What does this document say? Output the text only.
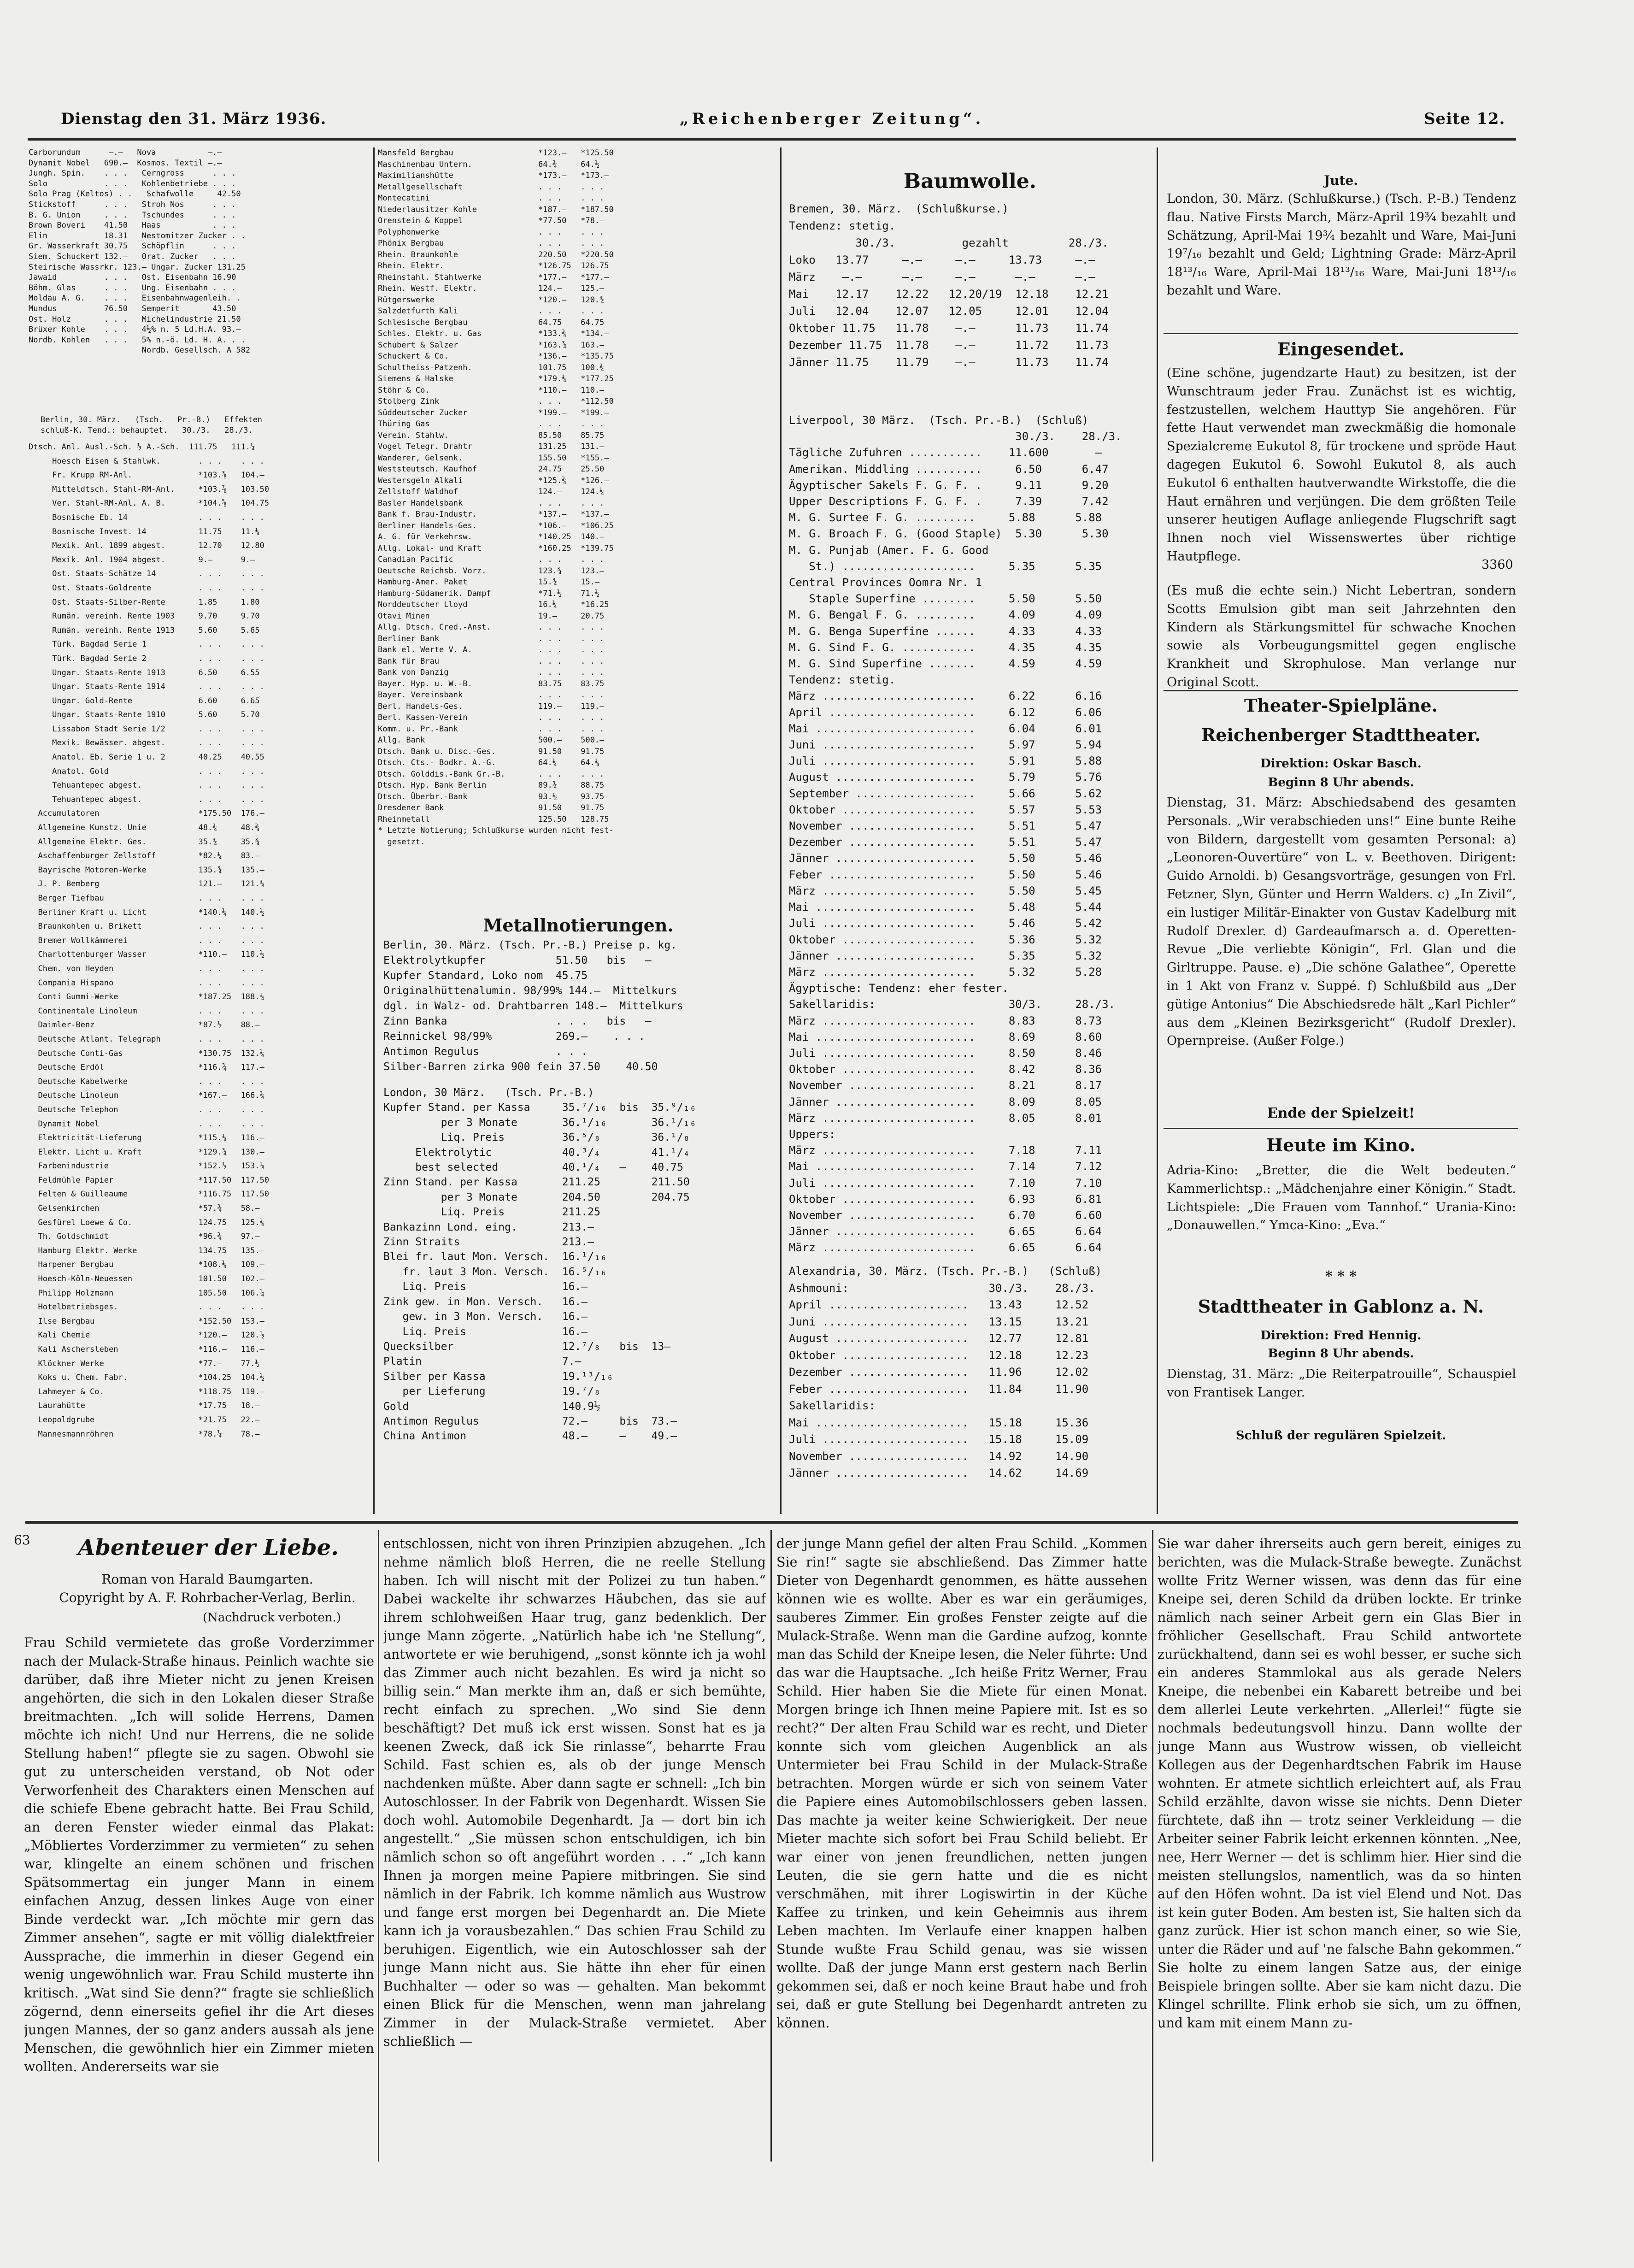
Dienstag den 31. März 1936.	„Reichenberger Zeitung“.	Seite 12.
Carborundum      —.—   Nova           —.—
Dynamit Nobel   690.—  Kosmos. Textil —.—
Jungh. Spin.    . . .   Cerngross      . . .
Solo            . . .   Kohlenbetriebe . . .
Solo Prag (Keltos) . .   Schafwolle     42.50
Stickstoff      . . .   Stroh Nos      . . .
B. G. Union     . . .   Tschundes      . . .
Brown Boveri    41.50   Haas           . . .
Elin            18.31   Nestomitzer Zucker . .
Gr. Wasserkraft 30.75   Schöpflin      . . .
Siem. Schuckert 132.—   Orat. Zucker   . . .
Steirische Wassrkr. 123.— Ungar. Zucker 131.25
Jawaid          . . .   Ost. Eisenbahn 16.90
Böhm. Glas      . . .   Ung. Eisenbahn . . .
Moldau A. G.    . . .   Eisenbahnwagenleih. .
Mundus          76.50   Semperit       43.50
Ost. Holz       . . .   Michelindustrie 21.50
Brüxer Kohle    . . .   4½% n. 5 Ld.H.A. 93.—
Nordb. Kohlen   . . .   5% n.-ö. Ld. H. A. . .
Nordb. Gesellsch. A 582
Berlin, 30. März.   (Tsch.   Pr.-B.)   Effekten
schluß-K. Tend.: behauptet.   30./3.   28./3.
Dtsch. Anl. Ausl.-Sch. ½ A.-Sch.  111.75   111.¼
Hoesch Eisen & Stahlwk.        . . .    . . .
Fr. Krupp RM-Anl.              *103.⅜   104.—
Mitteldtsch. Stahl-RM-Anl.     *103.⅞   103.50
Ver. Stahl-RM-Anl. A. B.       *104.⅝   104.75
Bosnische Eb. 14               . . .    . . .
Bosnische Invest. 14           11.75    11.¼
Mexik. Anl. 1899 abgest.       12.70    12.80
Mexik. Anl. 1904 abgest.       9.—      9.—
Ost. Staats-Schätze 14         . . .    . . .
Ost. Staats-Goldrente          . . .    . . .
Ost. Staats-Silber-Rente       1.85     1.80
Rumän. vereinh. Rente 1903     9.70     9.70
Rumän. vereinh. Rente 1913     5.60     5.65
Türk. Bagdad Serie 1           . . .    . . .
Türk. Bagdad Serie 2           . . .    . . .
Ungar. Staats-Rente 1913       6.50     6.55
Ungar. Staats-Rente 1914       . . .    . . .
Ungar. Gold-Rente              6.60     6.65
Ungar. Staats-Rente 1910       5.60     5.70
Lissabon Stadt Serie 1/2       . . .    . . .
Mexik. Bewässer. abgest.       . . .    . . .
Anatol. Eb. Serie 1 u. 2       40.25    40.55
Anatol. Gold                   . . .    . . .
Tehuantepec abgest.            . . .    . . .
Tehuantepec abgest.            . . .    . . .
Accumulatoren                     *175.50  176.—
Allgemeine Kunstz. Unie           48.¾     48.¾
Allgemeine Elektr. Ges.           35.¾     35.¾
Aschaffenburger Zellstoff         *82.¼    83.—
Bayrische Motoren-Werke           135.¾    135.—
J. P. Bemberg                     121.—    121.⅜
Berger Tiefbau                    . . .    . . .
Berliner Kraft u. Licht           *140.¼   140.½
Braunkohlen u. Brikett            . . .    . . .
Bremer Wollkämmerei               . . .    . . .
Charlottenburger Wasser           *110.—   110.½
Chem. von Heyden                  . . .    . . .
Compania Hispano                  . . .    . . .
Conti Gummi-Werke                 *187.25  188.¼
Continentale Linoleum             . . .    . . .
Daimler-Benz                      *87.½    88.—
Deutsche Atlant. Telegraph        . . .    . . .
Deutsche Conti-Gas                *130.75  132.¼
Deutsche Erdöl                    *116.¾   117.—
Deutsche Kabelwerke               . . .    . . .
Deutsche Linoleum                 *167.—   166.¾
Deutsche Telephon                 . . .    . . .
Dynamit Nobel                     . . .    . . .
Elektricität-Lieferung            *115.¼   116.—
Elektr. Licht u. Kraft            *129.¾   130.—
Farbenindustrie                   *152.½   153.⅛
Feldmühle Papier                  *117.50  117.50
Felten & Guilleaume               *116.75  117.50
Gelsenkirchen                     *57.¾    58.—
Gesfürel Loewe & Co.              124.75   125.¼
Th. Goldschmidt                   *96.¾    97.—
Hamburg Elektr. Werke             134.75   135.—
Harpener Bergbau                  *108.¼   109.—
Hoesch-Köln-Neuessen              101.50   102.—
Philipp Holzmann                  105.50   106.¼
Hotelbetriebsges.                 . . .    . . .
Ilse Bergbau                      *152.50  153.—
Kali Chemie                       *120.—   120.½
Kali Aschersleben                 *116.—   116.—
Klöckner Werke                    *77.—    77.½
Koks u. Chem. Fabr.               *104.25  104.½
Lahmeyer & Co.                    *118.75  119.—
Laurahütte                        *17.75   18.—
Leopoldgrube                      *21.75   22.—
Mannesmannröhren                  *78.¼    78.—
Mansfeld Bergbau                  *123.—   *125.50
Maschinenbau Untern.              64.¾     64.½
Maximilianshütte                  *173.—   *173.—
Metallgesellschaft                . . .    . . .
Montecatini                       . . .    . . .
Niederlausitzer Kohle             *187.—   *187.50
Orenstein & Koppel                *77.50   *78.—
Polyphonwerke                     . . .    . . .
Phönix Bergbau                    . . .    . . .
Rhein. Braunkohle                 220.50   *220.50
Rhein. Elektr.                    *126.75  126.75
Rheinstahl. Stahlwerke            *177.—   *177.—
Rhein. Westf. Elektr.             124.—    125.—
Rütgerswerke                      *120.—   120.¾
Salzdetfurth Kali                 . . .    . . .
Schlesische Bergbau               64.75    64.75
Schles. Elektr. u. Gas            *133.¾   *134.—
Schubert & Salzer                 *163.¾   163.—
Schuckert & Co.                   *136.—   *135.75
Schultheiss-Patzenh.              101.75   100.¾
Siemens & Halske                  *179.¼   *177.25
Stöhr & Co.                       *110.—   110.—
Stolberg Zink                     . . .    *112.50
Süddeutscher Zucker               *199.—   *199.—
Thüring Gas                       . . .    . . .
Verein. Stahlw.                   85.50    85.75
Vogel Telegr. Drahtr              131.25   131.—
Wanderer, Gelsenk.                155.50   *155.—
Weststeutsch. Kaufhof             24.75    25.50
Westersgeln Alkali                *125.¾   *126.—
Zellstoff Waldhof                 124.—    124.¼
Basler Handelsbank                . . .    . . .
Bank f. Brau-Industr.             *137.—   *137.—
Berliner Handels-Ges.             *106.—   *106.25
A. G. für Verkehrsw.              *140.25  140.—
Allg. Lokal- und Kraft            *160.25  *139.75
Canadian Pacific                  . . .    . . .
Deutsche Reichsb. Vorz.           123.¾    123.—
Hamburg-Amer. Paket               15.¾     15.—
Hamburg-Südamerik. Dampf          *71.½    71.½
Norddeutscher Lloyd               16.¼     *16.25
Otavi Minen                       19.—     20.75
Allg. Dtsch. Cred.-Anst.          . . .    . . .
Berliner Bank                     . . .    . . .
Bank el. Werte V. A.              . . .    . . .
Bank für Brau                     . . .    . . .
Bank von Danzig                   . . .    . . .
Bayer. Hyp. u. W.-B.              83.75    83.75
Bayer. Vereinsbank                . . .    . . .
Berl. Handels-Ges.                119.—    119.—
Berl. Kassen-Verein               . . .    . . .
Komm. u. Pr.-Bank                 . . .    . . .
Allg. Bank                        500.—    500.—
Dtsch. Bank u. Disc.-Ges.         91.50    91.75
Dtsch. Cts.- Bodkr. A.-G.         64.¼     64.¼
Dtsch. Golddis.-Bank Gr.-B.       . . .    . . .
Dtsch. Hyp. Bank Berlin           89.¾     88.75
Dtsch. Überbr.-Bank               93.½     93.75
Dresdener Bank                    91.50    91.75
Rheinmetall                       125.50   128.75
* Letzte Notierung; Schlußkurse wurden nicht fest-
gesetzt.
Metallnotierungen.
Berlin, 30. März. (Tsch. Pr.-B.) Preise p. kg.
Elektrolytkupfer           51.50   bis   —
Kupfer Standard, Loko nom  45.75
Originalhüttenalumin. 98/99% 144.—  Mittelkurs
dgl. in Walz- od. Drahtbarren 148.—  Mittelkurs
Zinn Banka                 . . .   bis   —
Reinnickel 98/99%          269.—    . . .
Antimon Regulus            . . .
Silber-Barren zirka 900 fein 37.50    40.50
London, 30 März.   (Tsch. Pr.-B.)
Kupfer Stand. per Kassa     35.⁷/₁₆  bis  35.⁹/₁₆
per 3 Monate       36.¹/₁₆       36.¹/₁₆
Liq. Preis         36.⁵/₈        36.¹/₈
Elektrolytic           40.³/₄        41.¹/₄
best selected          40.¹/₄   —    40.75
Zinn Stand. per Kassa       211.25        211.50
per 3 Monate       204.50        204.75
Liq. Preis         211.25
Bankazinn Lond. eing.       213.—
Zinn Straits                213.—
Blei fr. laut Mon. Versch.  16.¹/₁₆
fr. laut 3 Mon. Versch.  16.⁵/₁₆
Liq. Preis               16.—
Zink gew. in Mon. Versch.   16.—
gew. in 3 Mon. Versch.   16.—
Liq. Preis               16.—
Quecksilber                 12.⁷/₈   bis  13—
Platin                      7.—
Silber per Kassa            19.¹³/₁₆
per Lieferung            19.⁷/₈
Gold                        140.9½
Antimon Regulus             72.—     bis  73.—
China Antimon               48.—     —    49.—
Baumwolle.
Bremen, 30. März.  (Schlußkurse.)
Tendenz: stetig.
30./3.          gezahlt         28./3.
Loko   13.77     —.—     —.—     13.73     —.—
März    —.—      —.—     —.—      —.—      —.—
Mai    12.17    12.22   12.20/19  12.18    12.21
Juli   12.04    12.07   12.05     12.01    12.04
Oktober 11.75   11.78    —.—      11.73    11.74
Dezember 11.75  11.78    —.—      11.72    11.73
Jänner 11.75    11.79    —.—      11.73    11.74
Liverpool, 30 März.  (Tsch. Pr.-B.)  (Schluß)
30./3.    28./3.
Tägliche Zufuhren ...........    11.600       —
Amerikan. Middling ..........     6.50      6.47
Ägyptischer Sakels F. G. F. .     9.11      9.20
Upper Descriptions F. G. F. .     7.39      7.42
M. G. Surtee F. G. .........     5.88      5.88
M. G. Broach F. G. (Good Staple)  5.30      5.30
M. G. Punjab (Amer. F. G. Good
St.) ....................     5.35      5.35
Central Provinces Oomra Nr. 1
Staple Superfine ........     5.50      5.50
M. G. Bengal F. G. .........     4.09      4.09
M. G. Benga Superfine ......     4.33      4.33
M. G. Sind F. G. ...........     4.35      4.35
M. G. Sind Superfine .......     4.59      4.59
Tendenz: stetig.
März .......................     6.22      6.16
April ......................     6.12      6.06
Mai ........................     6.04      6.01
Juni .......................     5.97      5.94
Juli .......................     5.91      5.88
August .....................     5.79      5.76
September ..................     5.66      5.62
Oktober ....................     5.57      5.53
November ...................     5.51      5.47
Dezember ...................     5.51      5.47
Jänner .....................     5.50      5.46
Feber ......................     5.50      5.46
März .......................     5.50      5.45
Mai ........................     5.48      5.44
Juli .......................     5.46      5.42
Oktober ....................     5.36      5.32
Jänner .....................     5.35      5.32
März .......................     5.32      5.28
Ägyptische: Tendenz: eher fester.
Sakellaridis:                    30/3.     28./3.
März .......................     8.83      8.73
Mai ........................     8.69      8.60
Juli .......................     8.50      8.46
Oktober ....................     8.42      8.36
November ...................     8.21      8.17
Jänner .....................     8.09      8.05
März .......................     8.05      8.01
Uppers:
März .......................     7.18      7.11
Mai ........................     7.14      7.12
Juli .......................     7.10      7.10
Oktober ....................     6.93      6.81
November ...................     6.70      6.60
Jänner .....................     6.65      6.64
März .......................     6.65      6.64
Alexandria, 30. März. (Tsch. Pr.-B.)   (Schluß)
Ashmouni:                     30./3.    28./3.
April .....................   13.43     12.52
Juni ......................   13.15     13.21
August ....................   12.77     12.81
Oktober ...................   12.18     12.23
Dezember ..................   11.96     12.02
Feber .....................   11.84     11.90
Sakellaridis:
Mai .......................   15.18     15.36
Juli ......................   15.18     15.09
November ..................   14.92     14.90
Jänner ....................   14.62     14.69
Jute.
London, 30. März. (Schlußkurse.) (Tsch. P.-B.) Tendenz flau. Native Firsts March, März-April 19¾ bezahlt und Schätzung, April-Mai 19¾ bezahlt und Ware, Mai-Juni 19⁷/₁₆ bezahlt und Geld; Lightning Grade: März-April 18¹³/₁₆ Ware, April-Mai 18¹³/₁₆ Ware, Mai-Juni 18¹³/₁₆ bezahlt und Ware.
Eingesendet.
(Eine schöne, jugendzarte Haut) zu besitzen, ist der Wunschtraum jeder Frau. Zunächst ist es wichtig, festzustellen, welchem Hauttyp Sie angehören. Für fette Haut verwendet man zweckmäßig die homonale Spezialcreme Eukutol 8, für trockene und spröde Haut dagegen Eukutol 6. Sowohl Eukutol 8, als auch Eukutol 6 enthalten hautverwandte Wirkstoffe, die die Haut ernähren und verjüngen. Die dem größten Teile unserer heutigen Auflage anliegende Flugschrift sagt Ihnen noch viel Wissenswertes über richtige Hautpflege.
3360
(Es muß die echte sein.) Nicht Lebertran, sondern Scotts Emulsion gibt man seit Jahrzehnten den Kindern als Stärkungsmittel für schwache Knochen sowie als Vorbeugungsmittel gegen englische Krankheit und Skrophulose. Man verlange nur Original Scott.
Theater-Spielpläne.
Reichenberger Stadttheater.
Direktion: Oskar Basch.
Beginn 8 Uhr abends.
Dienstag, 31. März: Abschiedsabend des gesamten Personals. „Wir verabschieden uns!“ Eine bunte Reihe von Bildern, dargestellt vom gesamten Personal: a) „Leonoren-Ouvertüre“ von L. v. Beethoven. Dirigent: Guido Arnoldi. b) Gesangsvorträge, gesungen von Frl. Fetzner, Slyn, Günter und Herrn Walders. c) „In Zivil“, ein lustiger Militär-Einakter von Gustav Kadelburg mit Rudolf Drexler. d) Gardeaufmarsch a. d. Operetten-Revue „Die verliebte Königin“, Frl. Glan und die Girltruppe. Pause. e) „Die schöne Galathee“, Operette in 1 Akt von Franz v. Suppé. f) Schlußbild aus „Der gütige Antonius“ Die Abschiedsrede hält „Karl Pichler“ aus dem „Kleinen Bezirksgericht“ (Rudolf Drexler). Opernpreise. (Außer Folge.)
Ende der Spielzeit!
Heute im Kino.
Adria-Kino: „Bretter, die die Welt bedeuten.“ Kammerlichtsp.: „Mädchenjahre einer Königin.“ Stadt. Lichtspiele: „Die Frauen vom Tannhof.“ Urania-Kino: „Donauwellen.“ Ymca-Kino: „Eva.“
* * *
Stadttheater in Gablonz a. N.
Direktion: Fred Hennig.
Beginn 8 Uhr abends.
Dienstag, 31. März: „Die Reiterpatrouille“, Schauspiel von Frantisek Langer.
Schluß der regulären Spielzeit.
63	Abenteuer der Liebe.
Roman von Harald Baumgarten.
Copyright by A. F. Rohrbacher-Verlag, Berlin.
(Nachdruck verboten.)
Frau Schild vermietete das große Vorderzimmer nach der Mulack-Straße hinaus. Peinlich wachte sie darüber, daß ihre Mieter nicht zu jenen Kreisen angehörten, die sich in den Lokalen dieser Straße breitmachten. „Ich will solide Herrens, Damen möchte ich nich! Und nur Herrens, die ne solide Stellung haben!“ pflegte sie zu sagen. Obwohl sie gut zu unterscheiden verstand, ob Not oder Verworfenheit des Charakters einen Menschen auf die schiefe Ebene gebracht hatte. Bei Frau Schild, an deren Fenster wieder einmal das Plakat: „Möbliertes Vorderzimmer zu vermieten“ zu sehen war, klingelte an einem schönen und frischen Spätsommertag ein junger Mann in einem einfachen Anzug, dessen linkes Auge von einer Binde verdeckt war. „Ich möchte mir gern das Zimmer ansehen“, sagte er mit völlig dialektfreier Aussprache, die immerhin in dieser Gegend ein wenig ungewöhnlich war. Frau Schild musterte ihn kritisch. „Wat sind Sie denn?“ fragte sie schließlich zögernd, denn einerseits gefiel ihr die Art dieses jungen Mannes, der so ganz anders aussah als jene Menschen, die gewöhnlich hier ein Zimmer mieten wollten. Andererseits war sie
entschlossen, nicht von ihren Prinzipien abzugehen. „Ich nehme nämlich bloß Herren, die ne reelle Stellung haben. Ich will nischt mit der Polizei zu tun haben.“ Dabei wackelte ihr schwarzes Häubchen, das sie auf ihrem schlohweißen Haar trug, ganz bedenklich. Der junge Mann zögerte. „Natürlich habe ich 'ne Stellung“, antwortete er wie beruhigend, „sonst könnte ich ja wohl das Zimmer auch nicht bezahlen. Es wird ja nicht so billig sein.“ Man merkte ihm an, daß er sich bemühte, recht einfach zu sprechen. „Wo sind Sie denn beschäftigt? Det muß ick erst wissen. Sonst hat es ja keenen Zweck, daß ick Sie rinlasse“, beharrte Frau Schild. Fast schien es, als ob der junge Mensch nachdenken müßte. Aber dann sagte er schnell: „Ich bin Autoschlosser. In der Fabrik von Degenhardt. Wissen Sie doch wohl. Automobile Degenhardt. Ja — dort bin ich angestellt.“ „Sie müssen schon entschuldigen, ich bin nämlich schon so oft angeführt worden . . .“ „Ich kann Ihnen ja morgen meine Papiere mitbringen. Sie sind nämlich in der Fabrik. Ich komme nämlich aus Wustrow und fange erst morgen bei Degenhardt an. Die Miete kann ich ja vorausbezahlen.“ Das schien Frau Schild zu beruhigen. Eigentlich, wie ein Autoschlosser sah der junge Mann nicht aus. Sie hätte ihn eher für einen Buchhalter — oder so was — gehalten. Man bekommt einen Blick für die Menschen, wenn man jahrelang Zimmer in der Mulack-Straße vermietet. Aber schließlich —
der junge Mann gefiel der alten Frau Schild. „Kommen Sie rin!“ sagte sie abschließend. Das Zimmer hatte Dieter von Degenhardt genommen, es hätte aussehen können wie es wollte. Aber es war ein geräumiges, sauberes Zimmer. Ein großes Fenster zeigte auf die Mulack-Straße. Wenn man die Gardine aufzog, konnte man das Schild der Kneipe lesen, die Neler führte: Und das war die Hauptsache. „Ich heiße Fritz Werner, Frau Schild. Hier haben Sie die Miete für einen Monat. Morgen bringe ich Ihnen meine Papiere mit. Ist es so recht?“ Der alten Frau Schild war es recht, und Dieter konnte sich vom gleichen Augenblick an als Untermieter bei Frau Schild in der Mulack-Straße betrachten. Morgen würde er sich von seinem Vater die Papiere eines Automobilschlossers geben lassen. Das machte ja weiter keine Schwierigkeit. Der neue Mieter machte sich sofort bei Frau Schild beliebt. Er war einer von jenen freundlichen, netten jungen Leuten, die sie gern hatte und die es nicht verschmähen, mit ihrer Logiswirtin in der Küche Kaffee zu trinken, und kein Geheimnis aus ihrem Leben machten. Im Verlaufe einer knappen halben Stunde wußte Frau Schild genau, was sie wissen wollte. Daß der junge Mann erst gestern nach Berlin gekommen sei, daß er noch keine Braut habe und froh sei, daß er gute Stellung bei Degenhardt antreten zu können.
Sie war daher ihrerseits auch gern bereit, einiges zu berichten, was die Mulack-Straße bewegte. Zunächst wollte Fritz Werner wissen, was denn das für eine Kneipe sei, deren Schild da drüben lockte. Er trinke nämlich nach seiner Arbeit gern ein Glas Bier in fröhlicher Gesellschaft. Frau Schild antwortete zurückhaltend, dann sei es wohl besser, er suche sich ein anderes Stammlokal aus als gerade Nelers Kneipe, die nebenbei ein Kabarett betreibe und bei dem allerlei Leute verkehrten. „Allerlei!“ fügte sie nochmals bedeutungsvoll hinzu. Dann wollte der junge Mann aus Wustrow wissen, ob vielleicht Kollegen aus der Degenhardtschen Fabrik im Hause wohnten. Er atmete sichtlich erleichtert auf, als Frau Schild erzählte, davon wisse sie nichts. Denn Dieter fürchtete, daß ihn — trotz seiner Verkleidung — die Arbeiter seiner Fabrik leicht erkennen könnten. „Nee, nee, Herr Werner — det is schlimm hier. Hier sind die meisten stellungslos, namentlich, was da so hinten auf den Höfen wohnt. Da ist viel Elend und Not. Das ist kein guter Boden. Am besten ist, Sie halten sich da ganz zurück. Hier ist schon manch einer, so wie Sie, unter die Räder und auf 'ne falsche Bahn gekommen.“ Sie holte zu einem langen Satze aus, der einige Beispiele bringen sollte. Aber sie kam nicht dazu. Die Klingel schrillte. Flink erhob sie sich, um zu öffnen, und kam mit einem Mann zu-
